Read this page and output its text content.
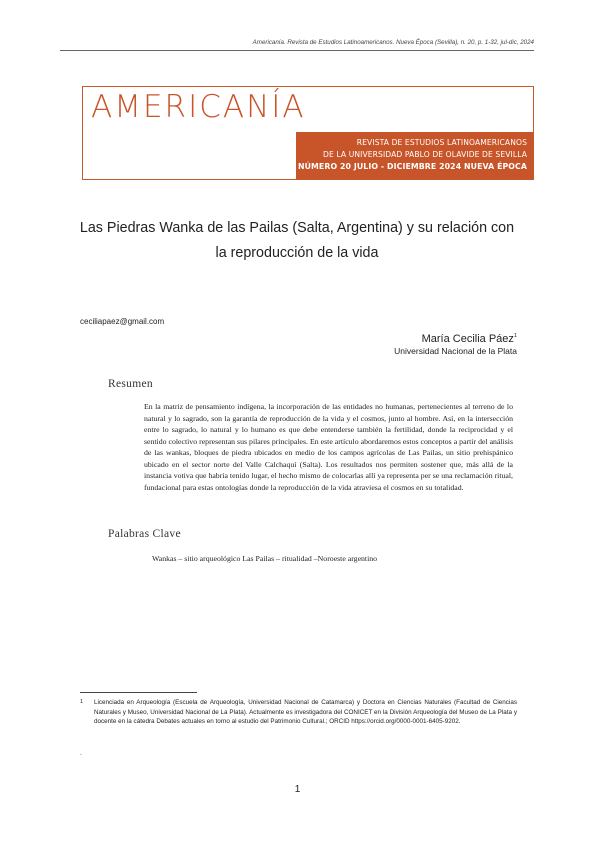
Americanía. Revista de Estudios Latinoamericanos. Nueva Época (Sevilla), n. 20, p. 1-32, jul-dic, 2024
AMERICANÍA
REVISTA DE ESTUDIOS LATINOAMERICANOS
DE LA UNIVERSIDAD PABLO DE OLAVIDE DE SEVILLA
NÚMERO 20 JULIO - DICIEMBRE 2024 NUEVA ÉPOCA
Las Piedras Wanka de las Pailas (Salta, Argentina) y su relación con
la reproducción de la vida
ceciliapaez@gmail.com
María Cecilia Páez$^1$
Universidad Nacional de la Plata
Resumen
En la matriz de pensamiento indígena, la incorporación de las entidades no humanas, pertenecientes al terreno de lo natural y lo sagrado, son la garantía de reproducción de la vida y el cosmos, junto al hombre. Así, en la intersección entre lo sagrado, lo natural y lo humano es que debe entenderse también la fertilidad, donde la reciprocidad y el sentido colectivo representan sus pilares principales. En este artículo abordaremos estos conceptos a partir del análisis de las wankas, bloques de piedra ubicados en medio de los campos agrícolas de Las Pailas, un sitio prehispánico ubicado en el sector norte del Valle Calchaquí (Salta). Los resultados nos permiten sostener que, más allá de la instancia votiva que habría tenido lugar, el hecho mismo de colocarlas allí ya representa per se una reclamación ritual, fundacional para estas ontologías donde la reproducción de la vida atraviesa el cosmos en su totalidad.
Palabras Clave
Wankas – sitio arqueológico Las Pailas – ritualidad –Noroeste argentino
1 Licenciada en Arqueología (Escuela de Arqueología, Universidad Nacional de Catamarca) y Doctora en Ciencias Naturales (Facultad de Ciencias Naturales y Museo, Universidad Nacional de La Plata). Actualmente es investigadora del CONICET en la División Arqueología del Museo de La Plata y docente en la cátedra Debates actuales en torno al estudio del Patrimonio Cultural.; ORCID https://orcid.org/0000-0001-6405-9202.
.
1
